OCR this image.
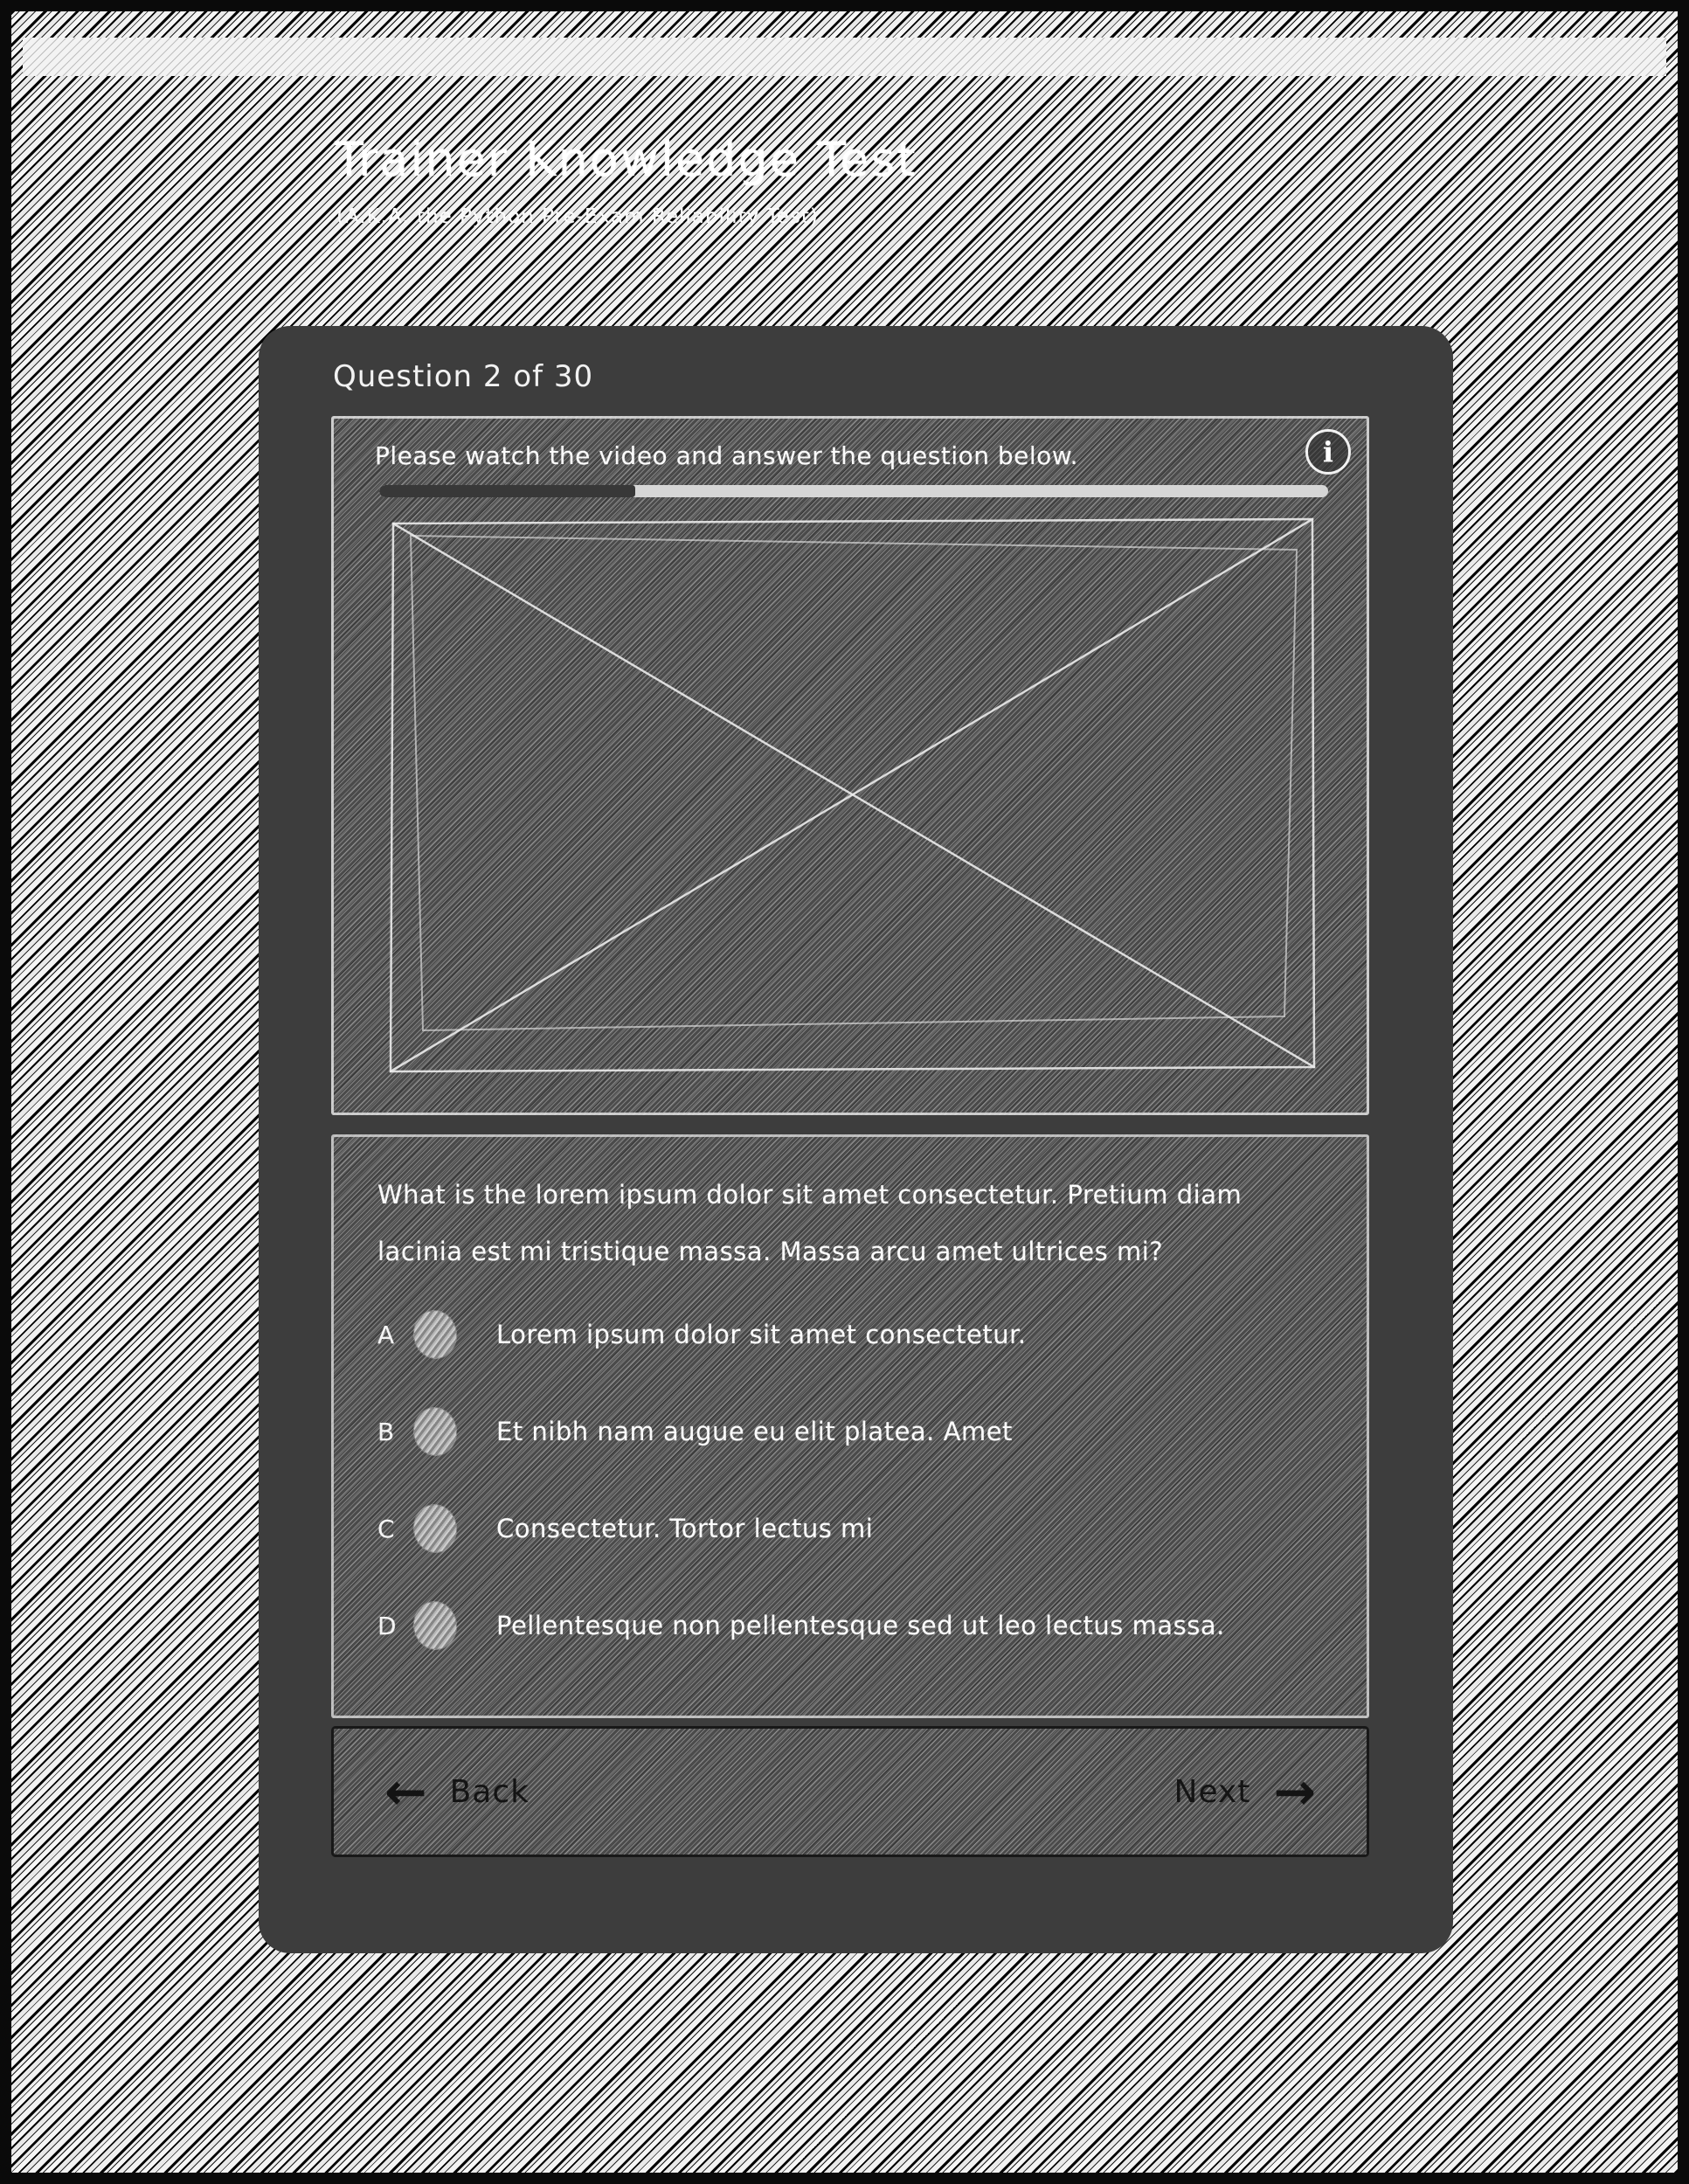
Trainer Knowledge Test
(A.K.A. the Python Pre-Exam Reliability Test)
Question 2 of 30
Please watch the video and answer the question below.	i
What is the lorem ipsum dolor sit amet consectetur. Pretium diam lacinia est mi tristique massa. Massa arcu amet ultrices mi?
A	Lorem ipsum dolor sit amet consectetur.
B	Et nibh nam augue eu elit platea. Amet
C	Consectetur. Tortor lectus mi
D	Pellentesque non pellentesque sed ut leo lectus massa.
← Back	Next →
